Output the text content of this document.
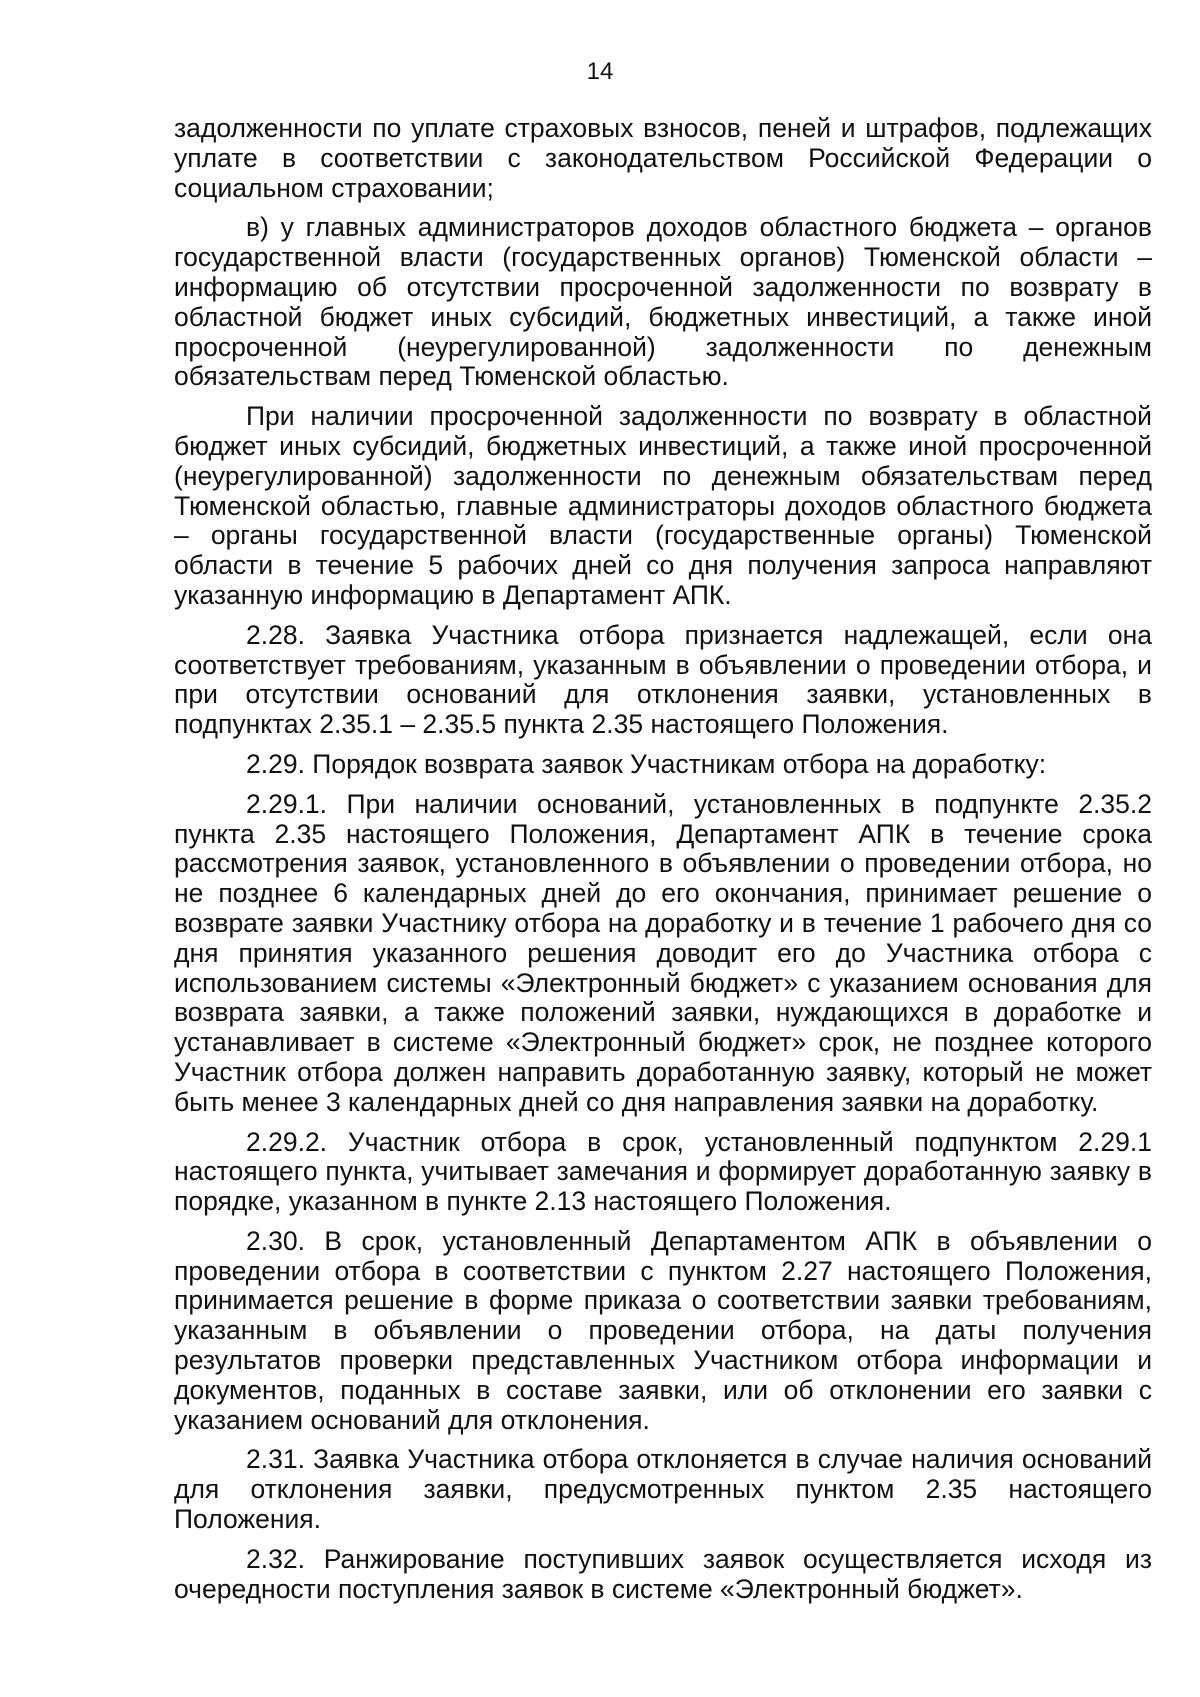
14

задолженности по уплате страховых взносов, пеней и штрафов, подлежащих уплате в соответствии с законодательством Российской Федерации о социальном страховании;

в) у главных администраторов доходов областного бюджета – органов государственной власти (государственных органов) Тюменской области – информацию об отсутствии просроченной задолженности по возврату в областной бюджет иных субсидий, бюджетных инвестиций, а также иной просроченной (неурегулированной) задолженности по денежным обязательствам перед Тюменской областью.

При наличии просроченной задолженности по возврату в областной бюджет иных субсидий, бюджетных инвестиций, а также иной просроченной (неурегулированной) задолженности по денежным обязательствам перед Тюменской областью, главные администраторы доходов областного бюджета – органы государственной власти (государственные органы) Тюменской области в течение 5 рабочих дней со дня получения запроса направляют указанную информацию в Департамент АПК.

2.28. Заявка Участника отбора признается надлежащей, если она соответствует требованиям, указанным в объявлении о проведении отбора, и при отсутствии оснований для отклонения заявки, установленных в подпунктах 2.35.1 – 2.35.5 пункта 2.35 настоящего Положения.

2.29. Порядок возврата заявок Участникам отбора на доработку:

2.29.1. При наличии оснований, установленных в подпункте 2.35.2 пункта 2.35 настоящего Положения, Департамент АПК в течение срока рассмотрения заявок, установленного в объявлении о проведении отбора, но не позднее 6 календарных дней до его окончания, принимает решение о возврате заявки Участнику отбора на доработку и в течение 1 рабочего дня со дня принятия указанного решения доводит его до Участника отбора с использованием системы «Электронный бюджет» с указанием основания для возврата заявки, а также положений заявки, нуждающихся в доработке и устанавливает в системе «Электронный бюджет» срок, не позднее которого Участник отбора должен направить доработанную заявку, который не может быть менее 3 календарных дней со дня направления заявки на доработку.

2.29.2. Участник отбора в срок, установленный подпунктом 2.29.1 настоящего пункта, учитывает замечания и формирует доработанную заявку в порядке, указанном в пункте 2.13 настоящего Положения.

2.30. В срок, установленный Департаментом АПК в объявлении о проведении отбора в соответствии с пунктом 2.27 настоящего Положения, принимается решение в форме приказа о соответствии заявки требованиям, указанным в объявлении о проведении отбора, на даты получения результатов проверки представленных Участником отбора информации и документов, поданных в составе заявки, или об отклонении его заявки с указанием оснований для отклонения.

2.31. Заявка Участника отбора отклоняется в случае наличия оснований для отклонения заявки, предусмотренных пунктом 2.35 настоящего Положения.

2.32. Ранжирование поступивших заявок осуществляется исходя из очередности поступления заявок в системе «Электронный бюджет».
